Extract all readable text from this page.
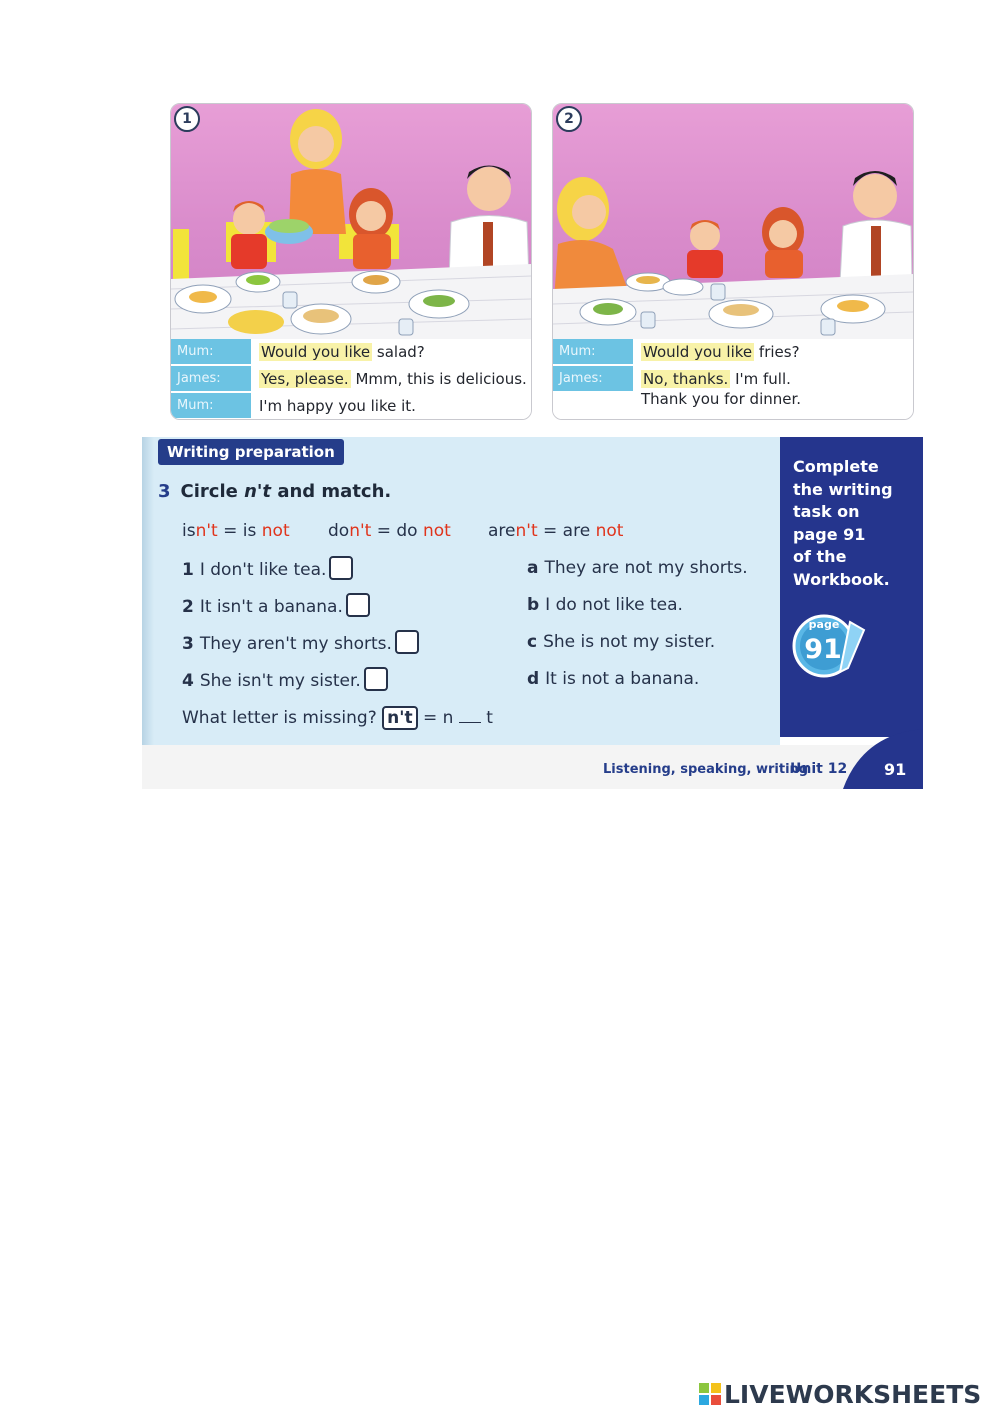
1
Mum:	Would you like salad?
James:	Yes, please. Mmm, this is delicious.
Mum:	I'm happy you like it.
2
Mum:	Would you like fries?
James:	No, thanks. I'm full.
Thank you for dinner.
Writing preparation
3 Circle n't and match.
isn't = is not don't = do not aren't = are not
1 I don't like tea.
2 It isn't a banana.
3 They aren't my shorts.
4 She isn't my sister.
a They are not my shorts.
b I do not like tea.
c She is not my sister.
d It is not a banana.
What letter is missing? n't = n  t
Complete
the writing
task on
page 91
of the
Workbook.
page
91
Listening, speaking, writing
Unit 12 91
LIVEWORKSHEETS
